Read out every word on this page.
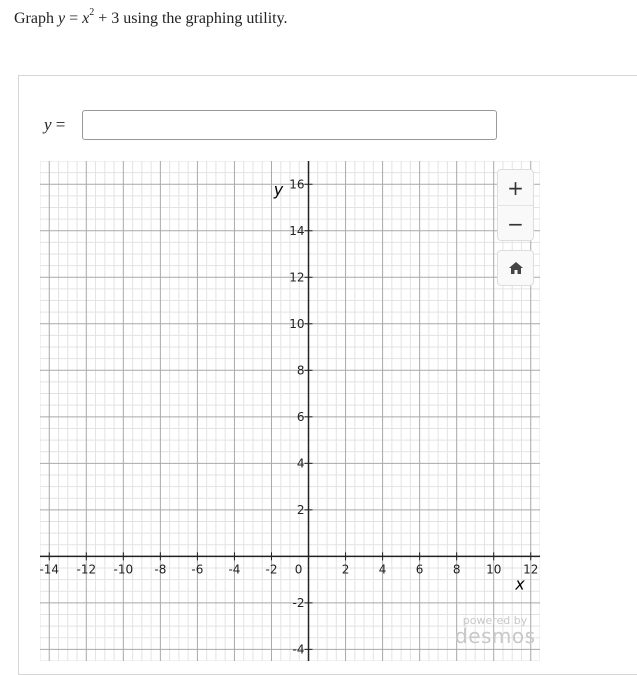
Graph $y = x^2 + 3$ using the graphing utility.
y =
-14 -12 -10 -8 -6 -4 -2 0	2 4 6 8 10 12
-4
-2
2
4
6
8
10
12
14
16
y
x
+
−
powered by
desmos
